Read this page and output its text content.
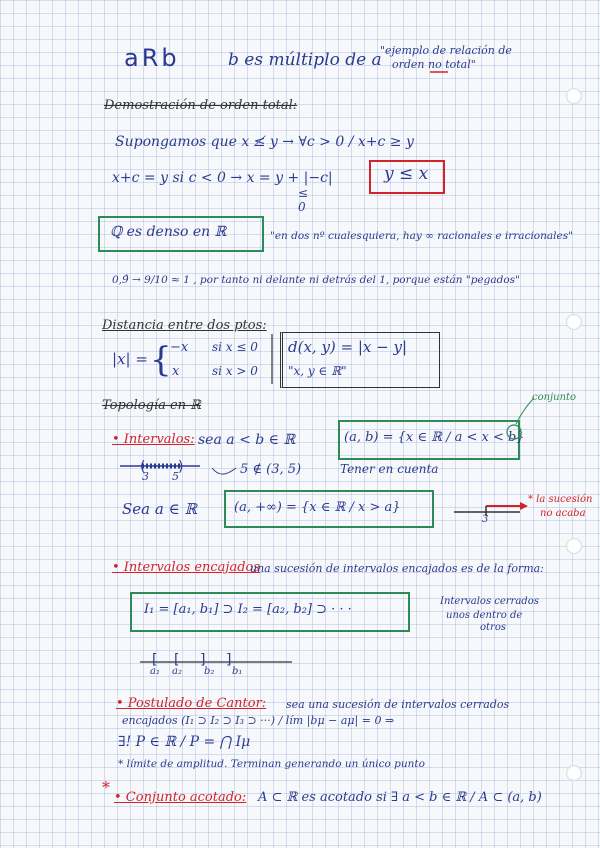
aRb	b es múltiplo de a
"ejemplo de relación de
orden no total"
Demostración de orden total:
Supongamos que x ≰ y → ∀c > 0 / x+c ≥ y
x+c = y si c < 0 → x = y + |−c|
≤
0
y ≤ x
ℚ es denso en ℝ	"en dos nº cualesquiera, hay ∞ racionales e irracionales"
0,9̂ → 9/10 ≈ 1 , por tanto ni delante ni detrás del 1, porque están "pegados"
Distancia entre dos ptos:
|x| = {
−x si x ≤ 0
x	si x > 0
d(x, y) = |x − y|
"x, y ∈ ℝ"
Topología en ℝ
• Intervalos: sea a < b ∈ ℝ	(a, b) = {x ∈ ℝ / a < x < b}
conjunto
3 5	5 ∉ (3, 5)	Tener en cuenta
Sea a ∈ ℝ	(a, +∞) = {x ∈ ℝ / x > a}
3
* la sucesión
no acaba
• Intervalos encajados
una sucesión de intervalos encajados es de la forma:
I₁ = [a₁, b₁] ⊃ I₂ = [a₂, b₂] ⊃ · · ·
Intervalos cerrados
unos dentro de
otros
a₁ a₂ b₂ b₁
• Postulado de Cantor: sea una sucesión de intervalos cerrados
encajados (I₁ ⊃ I₂ ⊃ I₃ ⊃ ···) / lím |bμ − aμ| = 0 ⇒
∃! P ∈ ℝ / P = ⋂ Iμ
* límite de amplitud. Terminan generando un único punto
*
• Conjunto acotado: A ⊂ ℝ es acotado si ∃ a < b ∈ ℝ / A ⊂ (a, b)
( )
[ [ ] ]
